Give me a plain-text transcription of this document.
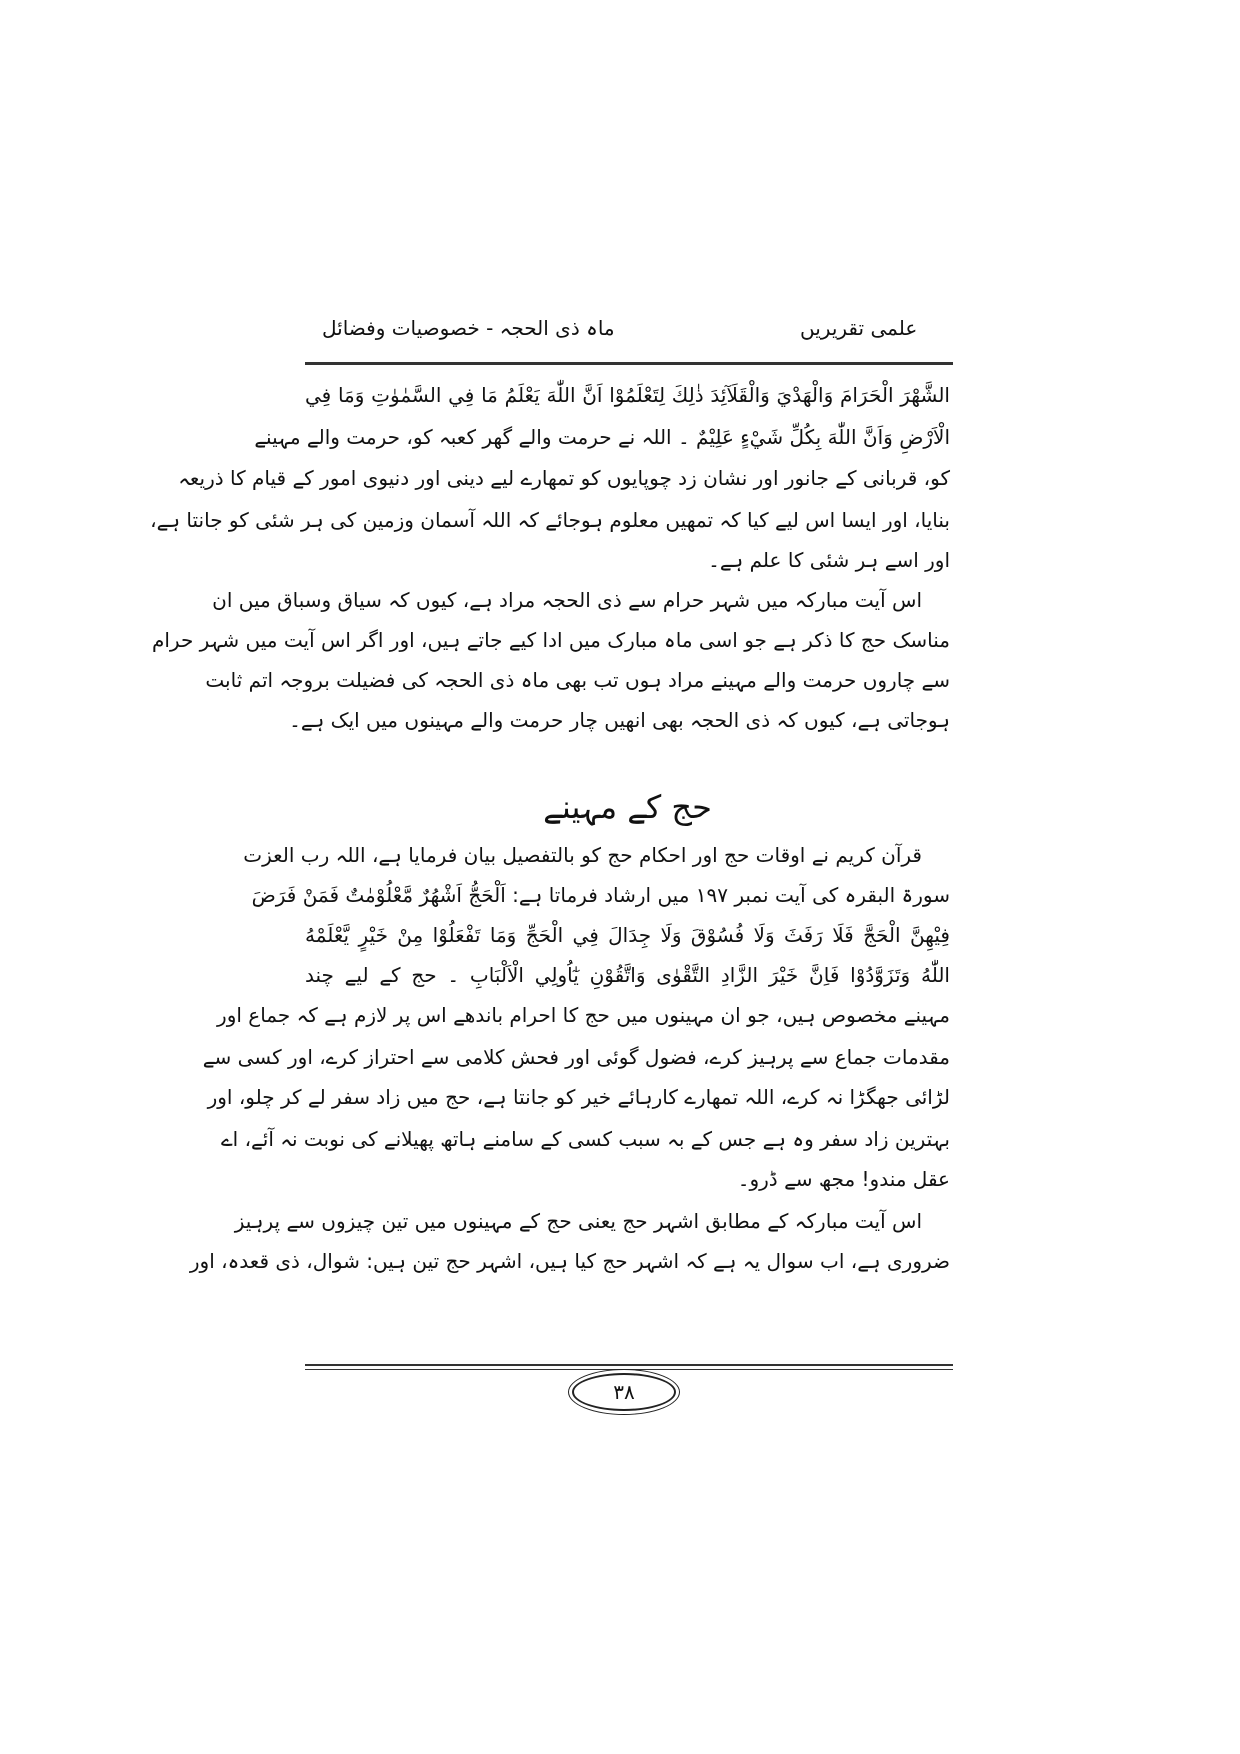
علمی تقریریں
ماہ ذی الحجہ - خصوصیات وفضائل
الشَّهْرَ الْحَرَامَ وَالْهَدْيَ وَالْقَلَآئِدَ ذٰلِكَ لِتَعْلَمُوْا اَنَّ اللّٰهَ يَعْلَمُ مَا فِي السَّمٰوٰتِ وَمَا فِي
الْاَرْضِ وَاَنَّ اللّٰهَ بِكُلِّ شَيْءٍ عَلِيْمٌ ۔ اللہ نے حرمت والے گھر کعبہ کو، حرمت والے مہینے
کو، قربانی کے جانور اور نشان زد چوپایوں کو تمھارے لیے دینی اور دنیوی امور کے قیام کا ذریعہ
بنایا، اور ایسا اس لیے کیا کہ تمھیں معلوم ہوجائے کہ اللہ آسمان وزمین کی ہر شئی کو جانتا ہے،
اور اسے ہر شئی کا علم ہے۔
اس آیت مبارکہ میں شہر حرام سے ذی الحجہ مراد ہے، کیوں کہ سیاق وسباق میں ان
مناسک حج کا ذکر ہے جو اسی ماہ مبارک میں ادا کیے جاتے ہیں، اور اگر اس آیت میں شہر حرام
سے چاروں حرمت والے مہینے مراد ہوں تب بھی ماہ ذی الحجہ کی فضیلت بروجہ اتم ثابت
ہوجاتی ہے، کیوں کہ ذی الحجہ بھی انھیں چار حرمت والے مہینوں میں ایک ہے۔
حج کے مہینے
قرآن کریم نے اوقات حج اور احکام حج کو بالتفصیل بیان فرمایا ہے، اللہ رب العزت
سورۃ البقرہ کی آیت نمبر ۱۹۷ میں ارشاد فرماتا ہے: اَلْحَجُّ اَشْهُرٌ مَّعْلُوْمٰتٌ فَمَنْ فَرَضَ
فِيْهِنَّ الْحَجَّ فَلَا رَفَثَ وَلَا فُسُوْقَ وَلَا جِدَالَ فِي الْحَجِّ وَمَا تَفْعَلُوْا مِنْ خَيْرٍ يَّعْلَمْهُ
اللّٰهُ وَتَزَوَّدُوْا فَاِنَّ خَيْرَ الزَّادِ التَّقْوٰى وَاتَّقُوْنِ يٰٓاُولِي الْاَلْبَابِ ۔ حج کے لیے چند
مہینے مخصوص ہیں، جو ان مہینوں میں حج کا احرام باندھے اس پر لازم ہے کہ جماع اور
مقدمات جماع سے پرہیز کرے، فضول گوئی اور فحش کلامی سے احتراز کرے، اور کسی سے
لڑائی جھگڑا نہ کرے، اللہ تمھارے کارہائے خیر کو جانتا ہے، حج میں زاد سفر لے کر چلو، اور
بہترین زاد سفر وہ ہے جس کے بہ سبب کسی کے سامنے ہاتھ پھیلانے کی نوبت نہ آئے، اے
عقل مندو! مجھ سے ڈرو۔
اس آیت مبارکہ کے مطابق اشہر حج یعنی حج کے مہینوں میں تین چیزوں سے پرہیز
ضروری ہے، اب سوال یہ ہے کہ اشہر حج کیا ہیں، اشہر حج تین ہیں: شوال، ذی قعدہ، اور
۳۸
